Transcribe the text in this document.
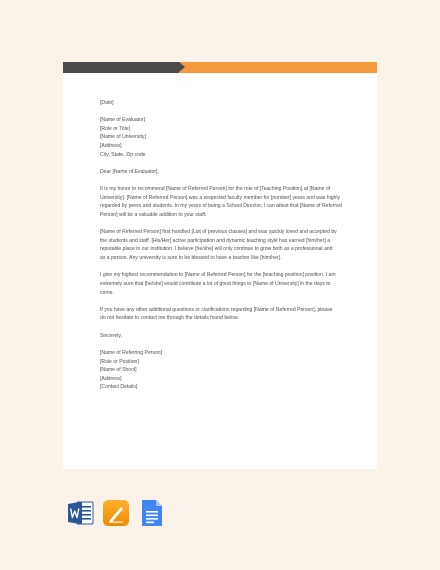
[Date]
[Name of Evaluator]
[Role or Title]
[Name of University]
[Address]
City, State, Zip code
Dear [Name of Evaluator],
It is my honor to recommend [Name of Referred Person] for the role of [Teaching Position] at [Name of
University]. [Name of Referred Person] was a respected faculty member for [number] years and was highly
regarded by peers and students. In my years of being a School Director, I can attest that [Name of Referred
Person] will be a valuable addition to your staff.
[Name of Referred Person] first handled [List of previous classes] and was quickly loved and accepted by
the students and staff. [His/Her] active participation and dynamic teaching style has earned [him/her] a
reputable place in our institution. I believe [he/she] will only continue to grow both as a professional and
as a person. Any university is sure to be blessed to have a teacher like [him/her].
I give my highest recommendation to [Name of Referred Person] for the [teaching position] position. I am
extremely sure that [he/she] would contribute a lot of good things to [Name of University] in the days to
come.
If you have any other additional questions or clarifications regarding [Name of Referred Person], please
do not hesitate to contact me through the details found below.
Sincerely,
[Name of Referring Person]
[Role or Position]
[Name of Shool]
[Address]
[Contact Details]
